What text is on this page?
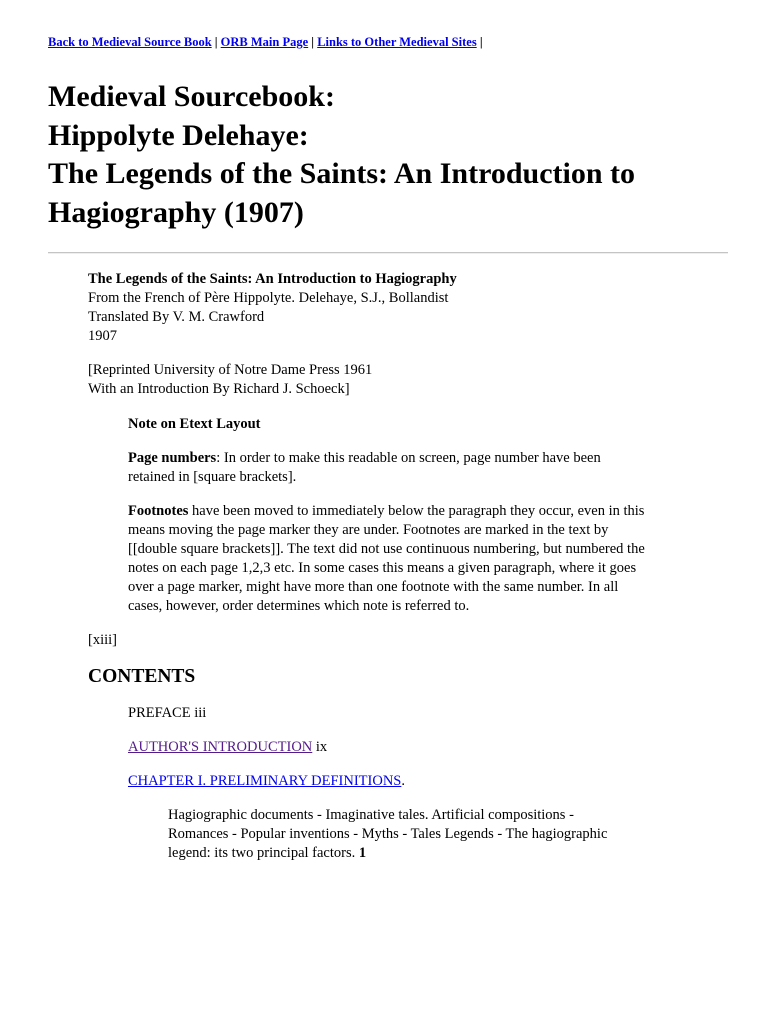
Back to Medieval Source Book | ORB Main Page | Links to Other Medieval Sites |

Medieval Sourcebook:
Hippolyte Delehaye:
The Legends of the Saints: An Introduction to Hagiography (1907)

The Legends of the Saints: An Introduction to Hagiography
From the French of Père Hippolyte. Delehaye, S.J., Bollandist
Translated By V. M. Crawford
1907

[Reprinted University of Notre Dame Press 1961
With an Introduction By Richard J. Schoeck]

Note on Etext Layout

Page numbers: In order to make this readable on screen, page number have been retained in [square brackets].

Footnotes have been moved to immediately below the paragraph they occur, even in this means moving the page marker they are under. Footnotes are marked in the text by [[double square brackets]]. The text did not use continuous numbering, but numbered the notes on each page 1,2,3 etc. In some cases this means a given paragraph, where it goes over a page marker, might have more than one footnote with the same number. In all cases, however, order determines which note is referred to.

[xiii]

CONTENTS

PREFACE iii

AUTHOR'S INTRODUCTION ix

CHAPTER I. PRELIMINARY DEFINITIONS.

Hagiographic documents - Imaginative tales. Artificial compositions - Romances - Popular inventions - Myths - Tales Legends - The hagiographic legend: its two principal factors. 1
